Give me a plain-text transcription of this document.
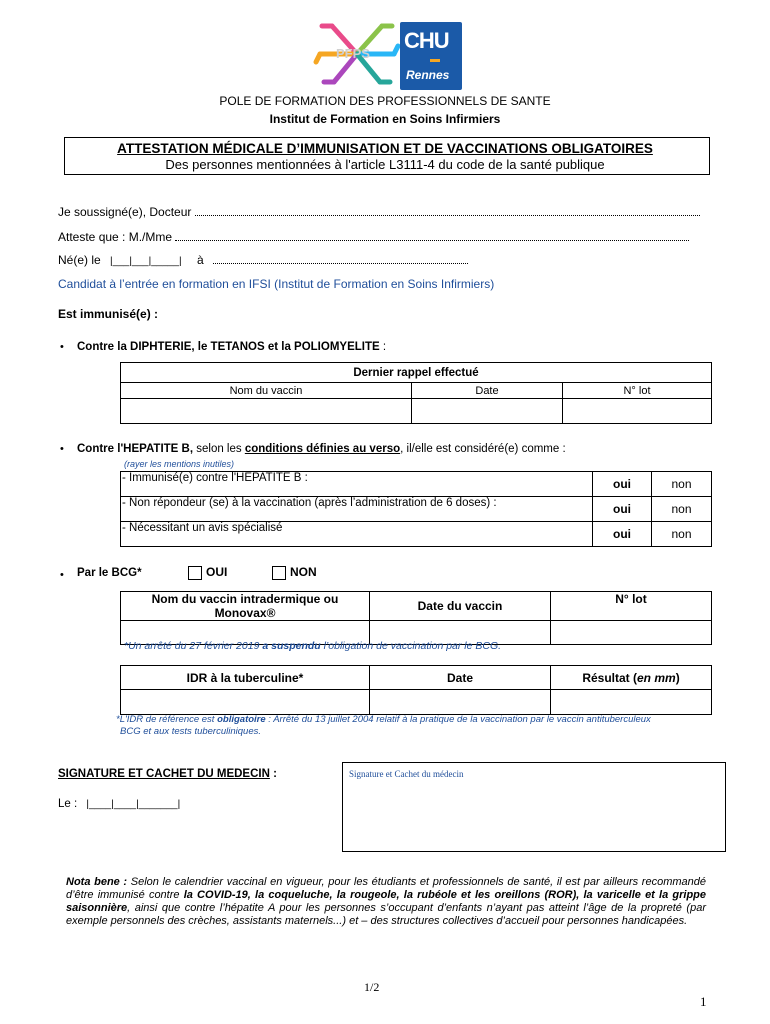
PFPS
CHU
Rennes
POLE DE FORMATION DES PROFESSIONNELS DE SANTE
Institut de Formation en Soins Infirmiers
ATTESTATION MÉDICALE D’IMMUNISATION ET DE VACCINATIONS OBLIGATOIRES
Des personnes mentionnées à l'article L3111-4 du code de la santé publique
Je soussigné(e), Docteur
Atteste que : M./Mme
Né(e) le |___|___|_____| à
Candidat à l’entrée en formation en IFSI (Institut de Formation en Soins Infirmiers)
Est immunisé(e) :
• Contre la DIPHTERIE, le TETANOS et la POLIOMYELITE :
Dernier rappel effectué		
Nom du vaccin	Date	N° lot

• Contre l'HEPATITE B, selon les conditions définies au verso, il/elle est considéré(e) comme :
(rayer les mentions inutiles)
- Immunisé(e) contre l'HEPATITE B :	oui	non
- Non répondeur (se) à la vaccination (après l’administration de 6 doses) :	oui	non
- Nécessitant un avis spécialisé	oui	non
• Par le BCG*	OUI	NON
Nom du vaccin intradermique ou Monovax®	Date du vaccin	N° lot

*Un arrêté du 27 février 2019 a suspendu l’obligation de vaccination par le BCG.
IDR à la tuberculine*	Date	Résultat (en mm)

*L'IDR de référence est obligatoire : Arrêté du 13 juillet 2004 relatif à la pratique de la vaccination par le vaccin antituberculeux
BCG et aux tests tuberculiniques.
SIGNATURE ET CACHET DU MEDECIN :	Signature et Cachet du médecin
Le : |____|____|_______|
Nota bene : Selon le calendrier vaccinal en vigueur, pour les étudiants et professionnels de santé, il est par ailleurs recommandé d’être immunisé contre la COVID-19, la coqueluche, la rougeole, la rubéole et les oreillons (ROR), la varicelle et la grippe saisonnière, ainsi que contre l’hépatite A pour les personnes s’occupant d’enfants n’ayant pas atteint l’âge de la propreté (par exemple personnels des crèches, assistants maternels...) et – des structures collectives d’accueil pour personnes handicapées.
1/2
1
